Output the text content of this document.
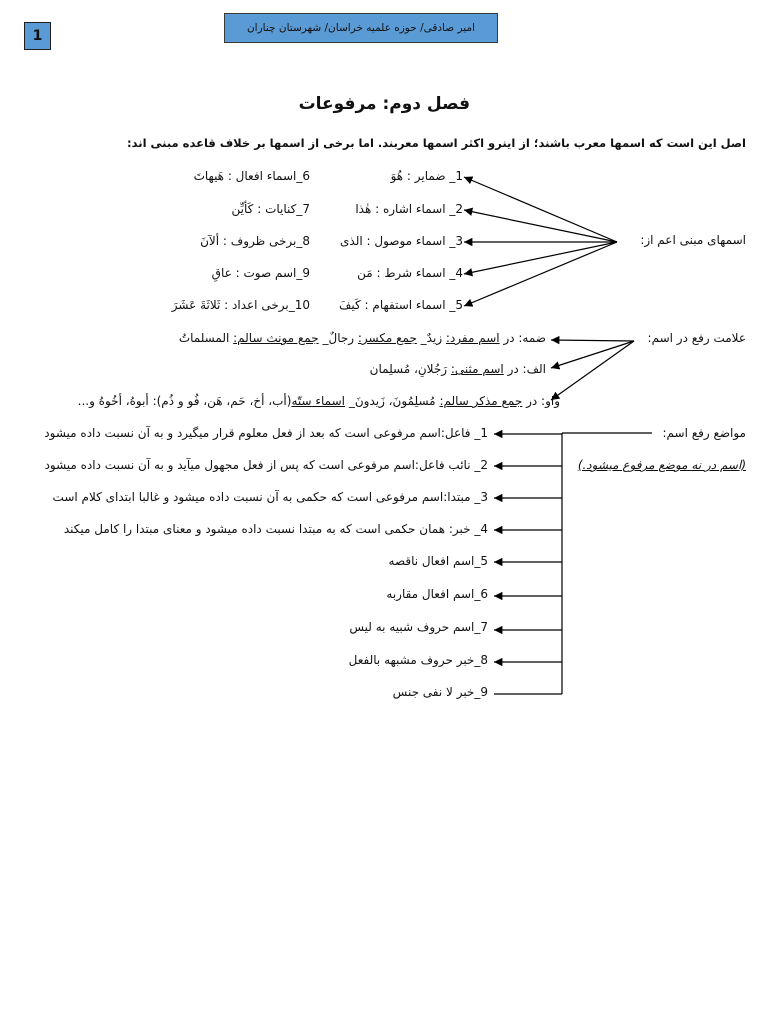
1	امیر صادقی/ حوزه علمیه خراسان/ شهرستان چناران
فصل دوم: مرفوعات
اصل این است که اسمها معرب باشند؛ از اینرو اکثر اسمها معربند. اما برخی از اسمها بر خلاف قاعده مبنی اند:
اسمهای مبنی اعم از:
1_ ضمایر : هُوَ
2_ اسماء اشاره : هٰذا
3_ اسماء موصول : الذی
4_ اسماء شرط : مَن
5_ اسماء استفهام : کَیفَ
6_اسماء افعال : هَیهاتَ
7_کنایات : کَأیِّن
8_برخی ظروف : ألآنَ
9_اسم صوت : عاقِ
10_برخی اعداد : ثَلاثَةَ عَشَرَ
علامت رفع در اسم:
ضمه: در اسم مفرد: زیدٌ_ جمع مکسر: رجالٌ_ جمع مونث سالم: المسلماتُ
الف: در اسم مثنی: رَجُلانِ، مُسلِمان
واو: در جمع مذکر سالم: مُسلِمُونَ، زَیدونَ_ اسماء ستّه(أب، أخ، حَم، هَن، فُو و ذُم): أبوهُ، أخُوهُ و...
مواضع رفع اسم:
(اسم در نه موضع مرفوع میشود.)
1_ فاعل:اسم مرفوعی است که بعد از فعل معلوم قرار میگیرد و به آن نسبت داده میشود
2_ نائب فاعل:اسم مرفوعی است که پس از فعل مجهول میآید و به آن نسبت داده میشود
3_ مبتدا:اسم مرفوعی است که حکمی به آن نسبت داده میشود و غالبا ابتدای کلام است
4_ خبر: همان حکمی است که به مبتدا نسبت داده میشود و معنای مبتدا را کامل میکند
5_اسم افعال ناقصه
6_اسم افعال مقاربه
7_اسم حروف شبیه به لیس
8_خبر حروف مشبهه بالفعل
9_خبر لا نفی جنس
